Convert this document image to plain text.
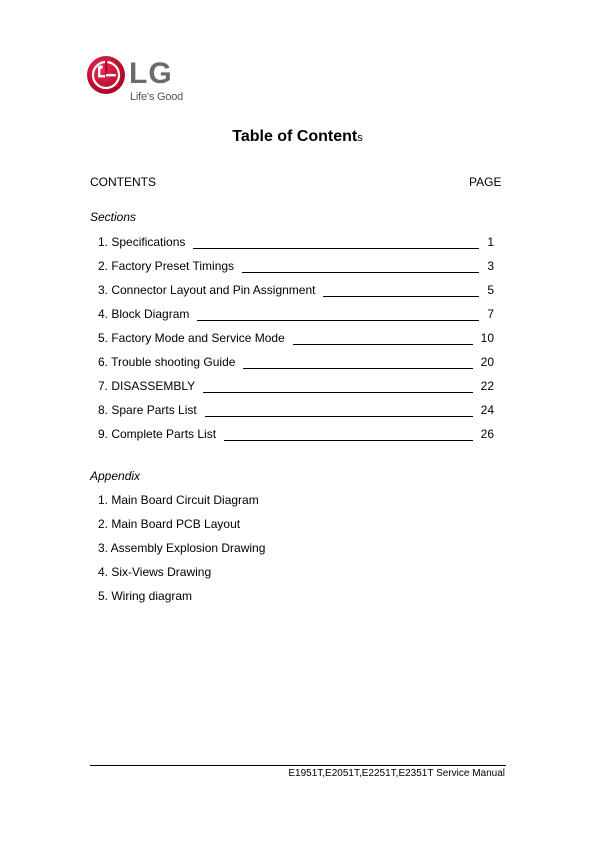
LG
Life's Good
Table of Contents
CONTENTS	PAGE
Sections
1. Specifications	1
2. Factory Preset Timings	3
3. Connector Layout and Pin Assignment	5
4. Block Diagram	7
5. Factory Mode and Service Mode	10
6. Trouble shooting Guide	20
7. DISASSEMBLY	22
8. Spare Parts List	24
9. Complete Parts List	26
Appendix
1. Main Board Circuit Diagram
2. Main Board PCB Layout
3. Assembly Explosion Drawing
4. Six-Views Drawing
5. Wiring diagram
E1951T,E2051T,E2251T,E2351T Service Manual
